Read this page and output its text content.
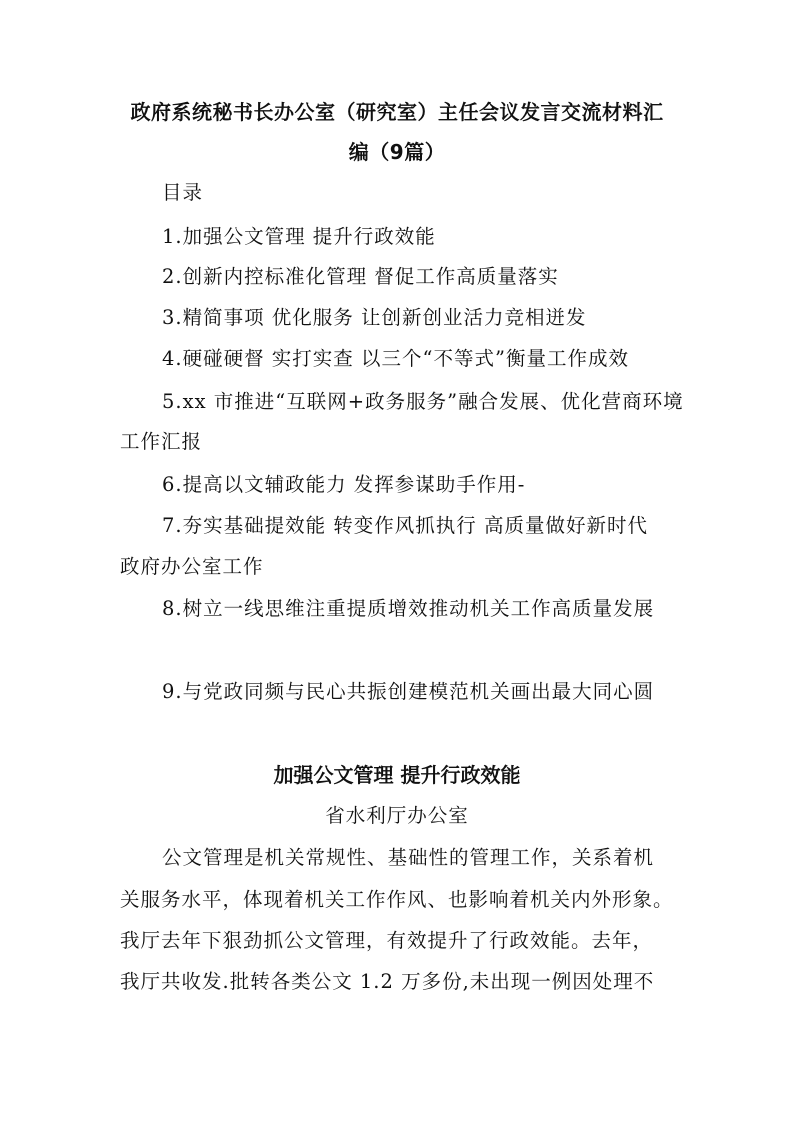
政府系统秘书长办公室（研究室）主任会议发言交流材料汇
编（9篇）
目录
1.加强公文管理 提升行政效能
2.创新内控标准化管理 督促工作高质量落实
3.精简事项 优化服务 让创新创业活力竞相迸发
4.硬碰硬督 实打实查 以三个“不等式”衡量工作成效
5.xx 市推进“互联网+政务服务”融合发展、优化营商环境
工作汇报
6.提高以文辅政能力 发挥参谋助手作用-
7.夯实基础提效能 转变作风抓执行 高质量做好新时代
政府办公室工作
8.树立一线思维注重提质增效推动机关工作高质量发展
9.与党政同频与民心共振创建模范机关画出最大同心圆
加强公文管理 提升行政效能
省水利厅办公室
公文管理是机关常规性、基础性的管理工作，关系着机
关服务水平，体现着机关工作作风、也影响着机关内外形象。
我厅去年下狠劲抓公文管理，有效提升了行政效能。去年，
我厅共收发.批转各类公文 1.2 万多份,未出现一例因处理不
